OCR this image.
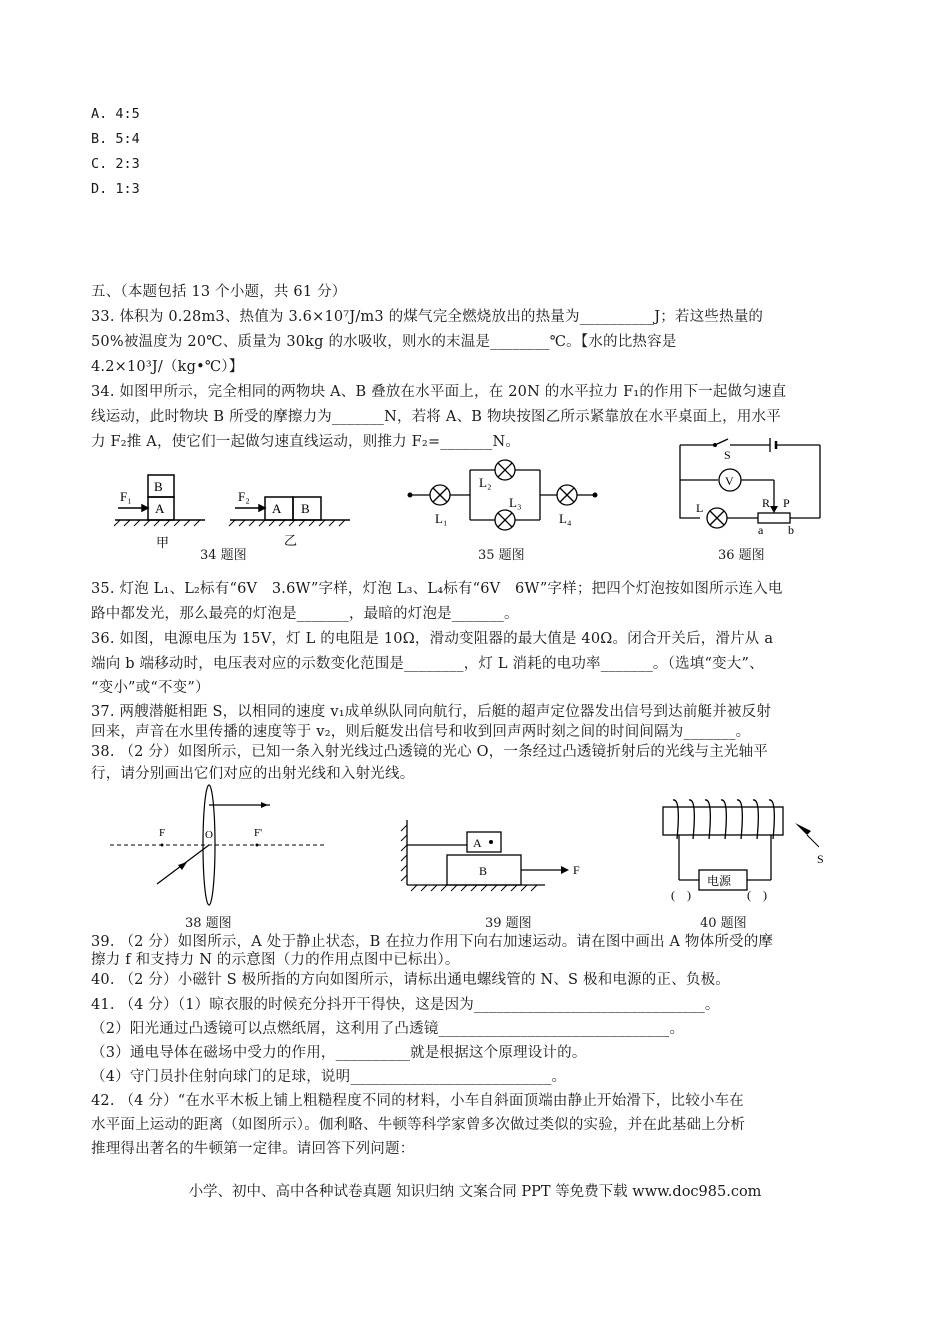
A. 4:5
B. 5:4
C. 2:3
D. 1:3
五、（本题包括 13 个小题，共 61 分）
33. 体积为 0.28m3、热值为 3.6×10⁷J/m3 的煤气完全燃烧放出的热量为__________J；若这些热量的
50%被温度为 20℃、质量为 30kg 的水吸收，则水的末温是________℃。【水的比热容是
4.2×10³J/（kg•℃）】
34. 如图甲所示，完全相同的两物块 A、B 叠放在水平面上，在 20N 的水平拉力 F₁的作用下一起做匀速直
线运动，此时物块 B 所受的摩擦力为_______N，若将 A、B 物块按图乙所示紧靠放在水平桌面上，用水平
力 F₂推 A，使它们一起做匀速直线运动，则推力 F₂=_______N。
B
A
F₁
A B
F₂
甲	乙
34 题图
L₁
L₂
L₃
L₄
35 题图
S
V
L	R P
a b
36 题图
35. 灯泡 L₁、L₂标有“6V　3.6W”字样，灯泡 L₃、L₄标有“6V　6W”字样；把四个灯泡按如图所示连入电
路中都发光，那么最亮的灯泡是_______，最暗的灯泡是_______。
36. 如图，电源电压为 15V，灯 L 的电阻是 10Ω，滑动变阻器的最大值是 40Ω。闭合开关后，滑片从 a
端向 b 端移动时，电压表对应的示数变化范围是________，灯 L 消耗的电功率_______。（选填“变大”、
“变小”或“不变”）
37. 两艘潜艇相距 S，以相同的速度 v₁成单纵队同向航行，后艇的超声定位器发出信号到达前艇并被反射
回来，声音在水里传播的速度等于 v₂，则后艇发出信号和收到回声两时刻之间的时间间隔为_______。
38. （2 分）如图所示，已知一条入射光线过凸透镜的光心 O，一条经过凸透镜折射后的光线与主光轴平
行，请分别画出它们对应的出射光线和入射光线。
F	O	F'
38 题图
A
B	F
39 题图
电源
(　)	(　)
S
40 题图
39. （2 分）如图所示，A 处于静止状态，B 在拉力作用下向右加速运动。请在图中画出 A 物体所受的摩
擦力 f 和支持力 N 的示意图（力的作用点图中已标出）。
40. （2 分）小磁针 S 极所指的方向如图所示，请标出通电螺线管的 N、S 极和电源的正、负极。
41. （4 分）（1）晾衣服的时候充分抖开干得快，这是因为_______________________________。
（2）阳光通过凸透镜可以点燃纸屑，这利用了凸透镜_______________________________。
（3）通电导体在磁场中受力的作用，__________就是根据这个原理设计的。
（4）守门员扑住射向球门的足球，说明___________________________。
42. （4 分）“在水平木板上铺上粗糙程度不同的材料，小车自斜面顶端由静止开始滑下，比较小车在
水平面上运动的距离（如图所示）。伽利略、牛顿等科学家曾多次做过类似的实验，并在此基础上分析
推理得出著名的牛顿第一定律。请回答下列问题：
小学、初中、高中各种试卷真题 知识归纳 文案合同 PPT 等免费下载 www.doc985.com
